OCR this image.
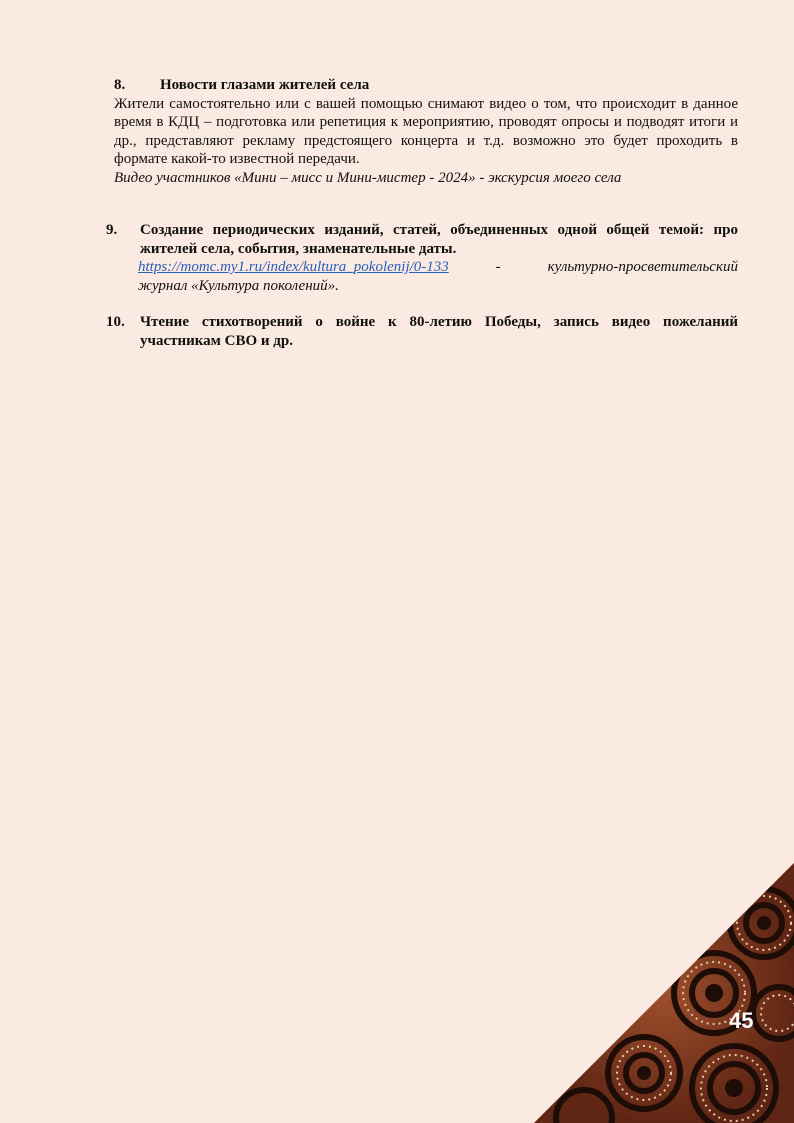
8.	Новости глазами жителей села
Жители самостоятельно или с вашей помощью снимают видео о том, что происходит в данное время в КДЦ – подготовка или репетиция к мероприятию, проводят опросы и подводят итоги и др., представляют рекламу предстоящего концерта и т.д. возможно это будет проходить в формате какой-то известной передачи.
Видео участников «Мини – мисс и Мини-мистер - 2024» - экскурсия моего села
9.	Создание периодических изданий, статей, объединенных одной общей темой: про жителей села, события, знаменательные даты.
https://momc.my1.ru/index/kultura_pokolenij/0-133	-	культурно-просветительский
журнал «Культура поколений».
10.	Чтение стихотворений о войне к 80-летию Победы, запись видео пожеланий участникам СВО и др.
45
